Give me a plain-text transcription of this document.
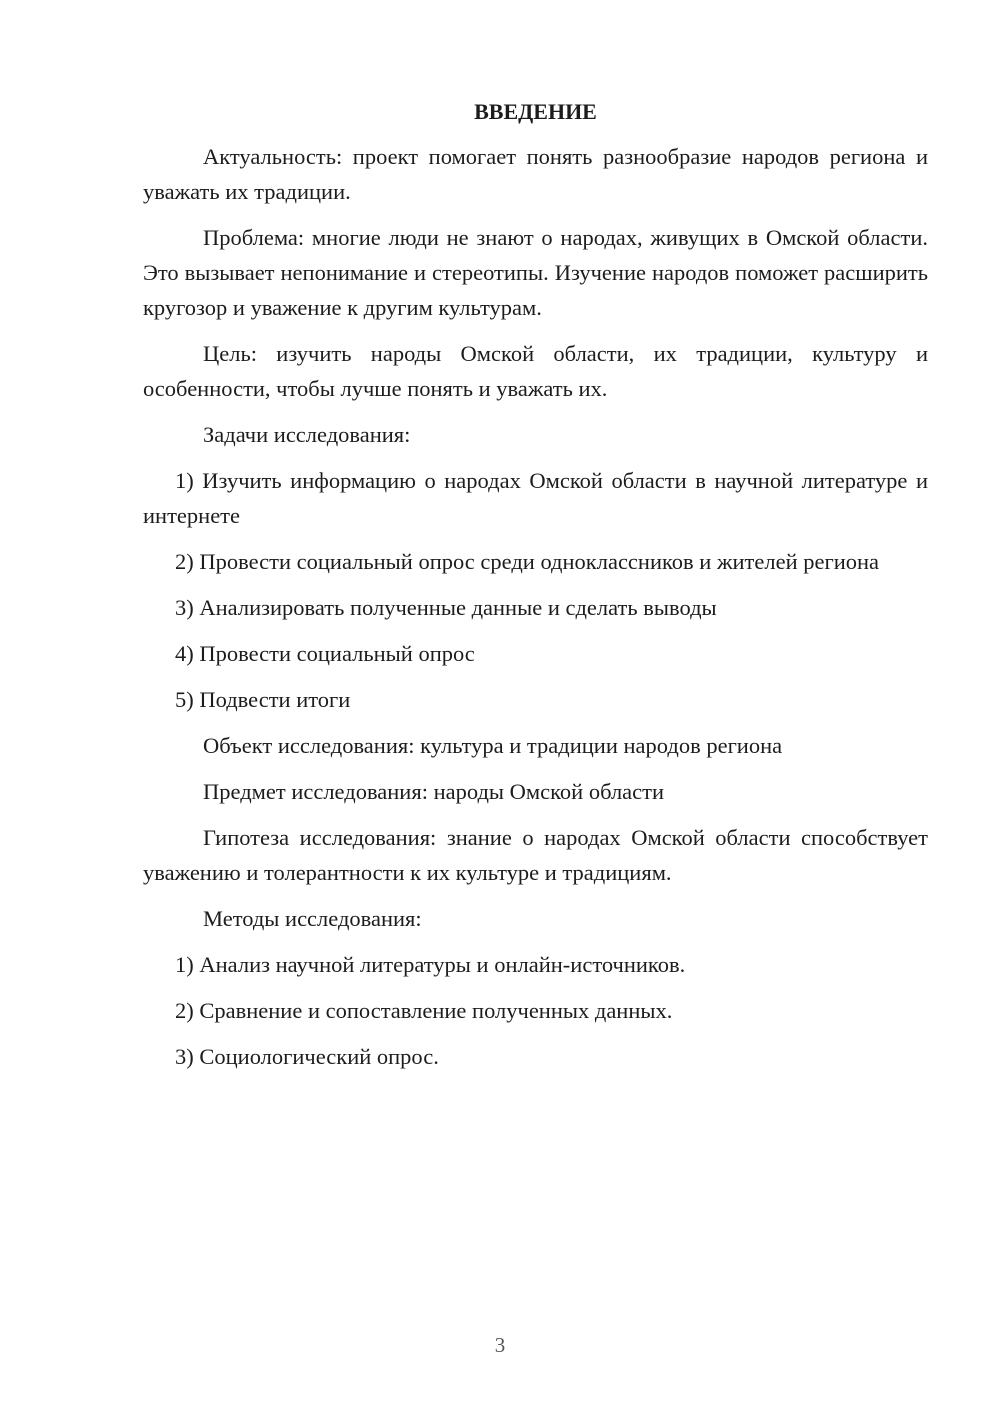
ВВЕДЕНИЕ

Актуальность: проект помогает понять разнообразие народов региона и уважать их традиции.

Проблема: многие люди не знают о народах, живущих в Омской области. Это вызывает непонимание и стереотипы. Изучение народов поможет расширить кругозор и уважение к другим культурам.

Цель: изучить народы Омской области, их традиции, культуру и особенности, чтобы лучше понять и уважать их.

Задачи исследования:

1) Изучить информацию о народах Омской области в научной литературе и интернете

2) Провести социальный опрос среди одноклассников и жителей региона

3) Анализировать полученные данные и сделать выводы

4) Провести социальный опрос

5) Подвести итоги

Объект исследования: культура и традиции народов региона

Предмет исследования: народы Омской области

Гипотеза исследования: знание о народах Омской области способствует уважению и толерантности к их культуре и традициям.

Методы исследования:

1) Анализ научной литературы и онлайн-источников.

2) Сравнение и сопоставление полученных данных.

3) Социологический опрос.

3
